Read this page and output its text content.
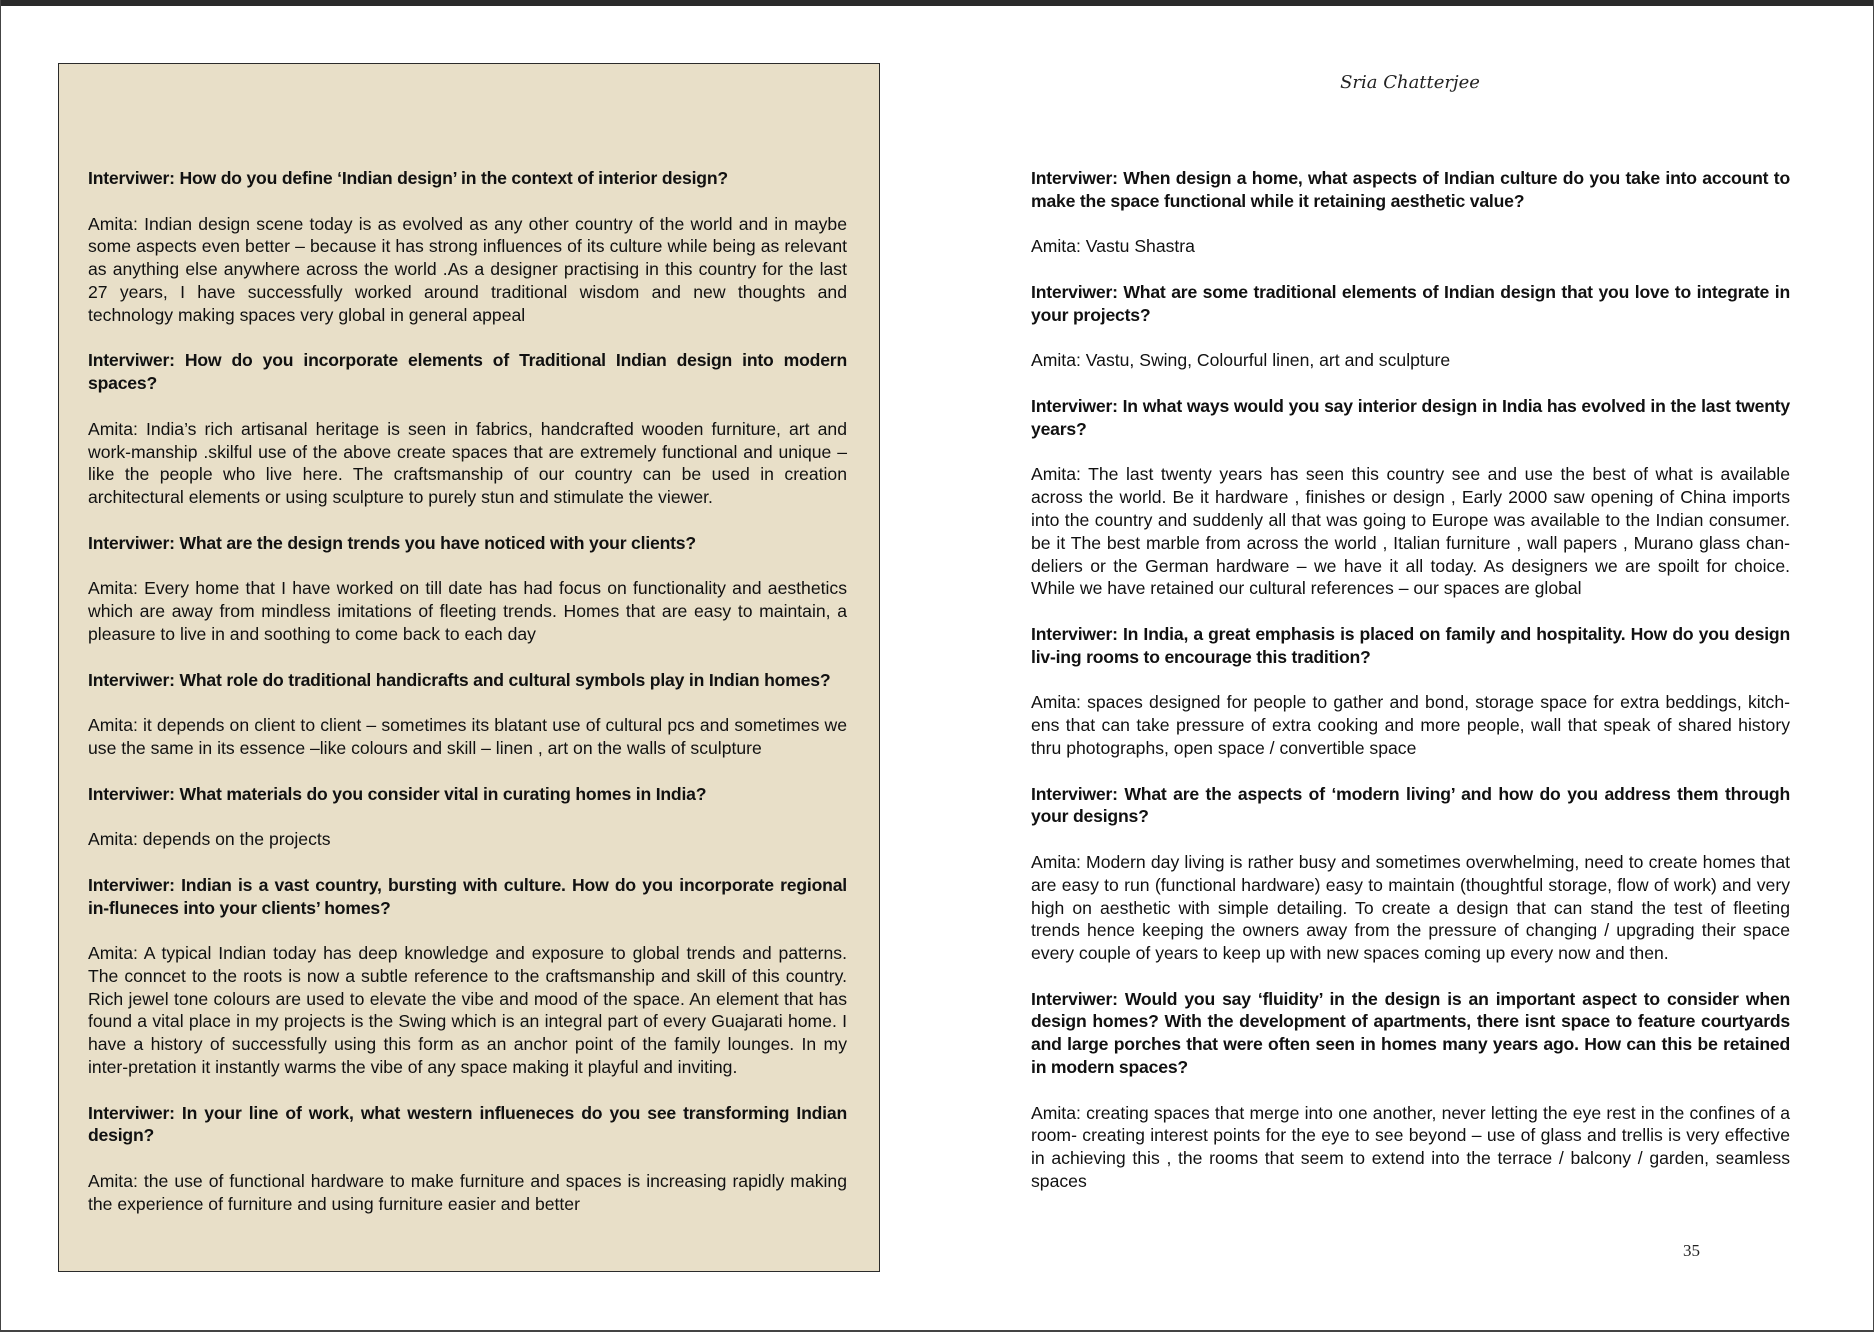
Interviwer: How do you define ‘Indian design’ in the context of interior design?

Amita: Indian design scene today is as evolved as any other country of the world and in maybe some aspects even better – because it has strong influences of its culture while being as relevant as anything else anywhere across the world .As a designer practising in this country for the last 27 years, I have successfully worked around traditional wisdom and new thoughts and technology making spaces very global in general appeal

Interviwer: How do you incorporate elements of Traditional Indian design into modern spaces?

Amita: India’s rich artisanal heritage is seen in fabrics, handcrafted wooden furniture, art and work-manship .skilful use of the above create spaces that are extremely functional and unique –like the people who live here. The craftsmanship of our country can be used in creation architectural elements or using sculpture to purely stun and stimulate the viewer.

Interviwer: What are the design trends you have noticed with your clients?

Amita: Every home that I have worked on till date has had focus on functionality and aesthetics which are away from mindless imitations of fleeting trends. Homes that are easy to maintain, a pleasure to live in and soothing to come back to each day

Interviwer: What role do traditional handicrafts and cultural symbols play in Indian homes?

Amita: it depends on client to client – sometimes its blatant use of cultural pcs and sometimes we use the same in its essence –like colours and skill – linen , art on the walls of sculpture

Interviwer: What materials do you consider vital in curating homes in India?

Amita: depends on the projects

Interviwer: Indian is a vast country, bursting with culture. How do you incorporate regional in-fluneces into your clients’ homes?

Amita: A typical Indian today has deep knowledge and exposure to global trends and patterns. The conncet to the roots is now a subtle reference to the craftsmanship and skill of this country. Rich jewel tone colours are used to elevate the vibe and mood of the space. An element that has found a vital place in my projects is the Swing which is an integral part of every Guajarati home. I have a history of successfully using this form as an anchor point of the family lounges. In my inter-pretation it instantly warms the vibe of any space making it playful and inviting.

Interviwer: In your line of work, what western influeneces do you see transforming Indian design?

Amita: the use of functional hardware to make furniture and spaces is increasing rapidly making the experience of furniture and using furniture easier and better

Sria Chatterjee

Interviwer: When design a home, what aspects of Indian culture do you take into account to make the space functional while it retaining aesthetic value?

Amita: Vastu Shastra

Interviwer: What are some traditional elements of Indian design that you love to integrate in your projects?

Amita: Vastu, Swing, Colourful linen, art and sculpture

Interviwer: In what ways would you say interior design in India has evolved in the last twenty years?

Amita: The last twenty years has seen this country see and use the best of what is available across the world. Be it hardware , finishes or design , Early 2000 saw opening of China imports into the country and suddenly all that was going to Europe was available to the Indian consumer. be it The best marble from across the world , Italian furniture , wall papers , Murano glass chan-deliers or the German hardware – we have it all today. As designers we are spoilt for choice. While we have retained our cultural references – our spaces are global

Interviwer: In India, a great emphasis is placed on family and hospitality. How do you design liv-ing rooms to encourage this tradition?

Amita: spaces designed for people to gather and bond, storage space for extra beddings, kitch-ens that can take pressure of extra cooking and more people, wall that speak of shared history thru photographs, open space / convertible space

Interviwer: What are the aspects of ‘modern living’ and how do you address them through your designs?

Amita: Modern day living is rather busy and sometimes overwhelming, need to create homes that are easy to run (functional hardware) easy to maintain (thoughtful storage, flow of work) and very high on aesthetic with simple detailing. To create a design that can stand the test of fleeting trends hence keeping the owners away from the pressure of changing / upgrading their space every couple of years to keep up with new spaces coming up every now and then.

Interviwer: Would you say ‘fluidity’ in the design is an important aspect to consider when design homes? With the development of apartments, there isnt space to feature courtyards and large porches that were often seen in homes many years ago. How can this be retained in modern spaces?

Amita: creating spaces that merge into one another, never letting the eye rest in the confines of a room- creating interest points for the eye to see beyond – use of glass and trellis is very effective in achieving this , the rooms that seem to extend into the terrace / balcony / garden, seamless spaces

35
